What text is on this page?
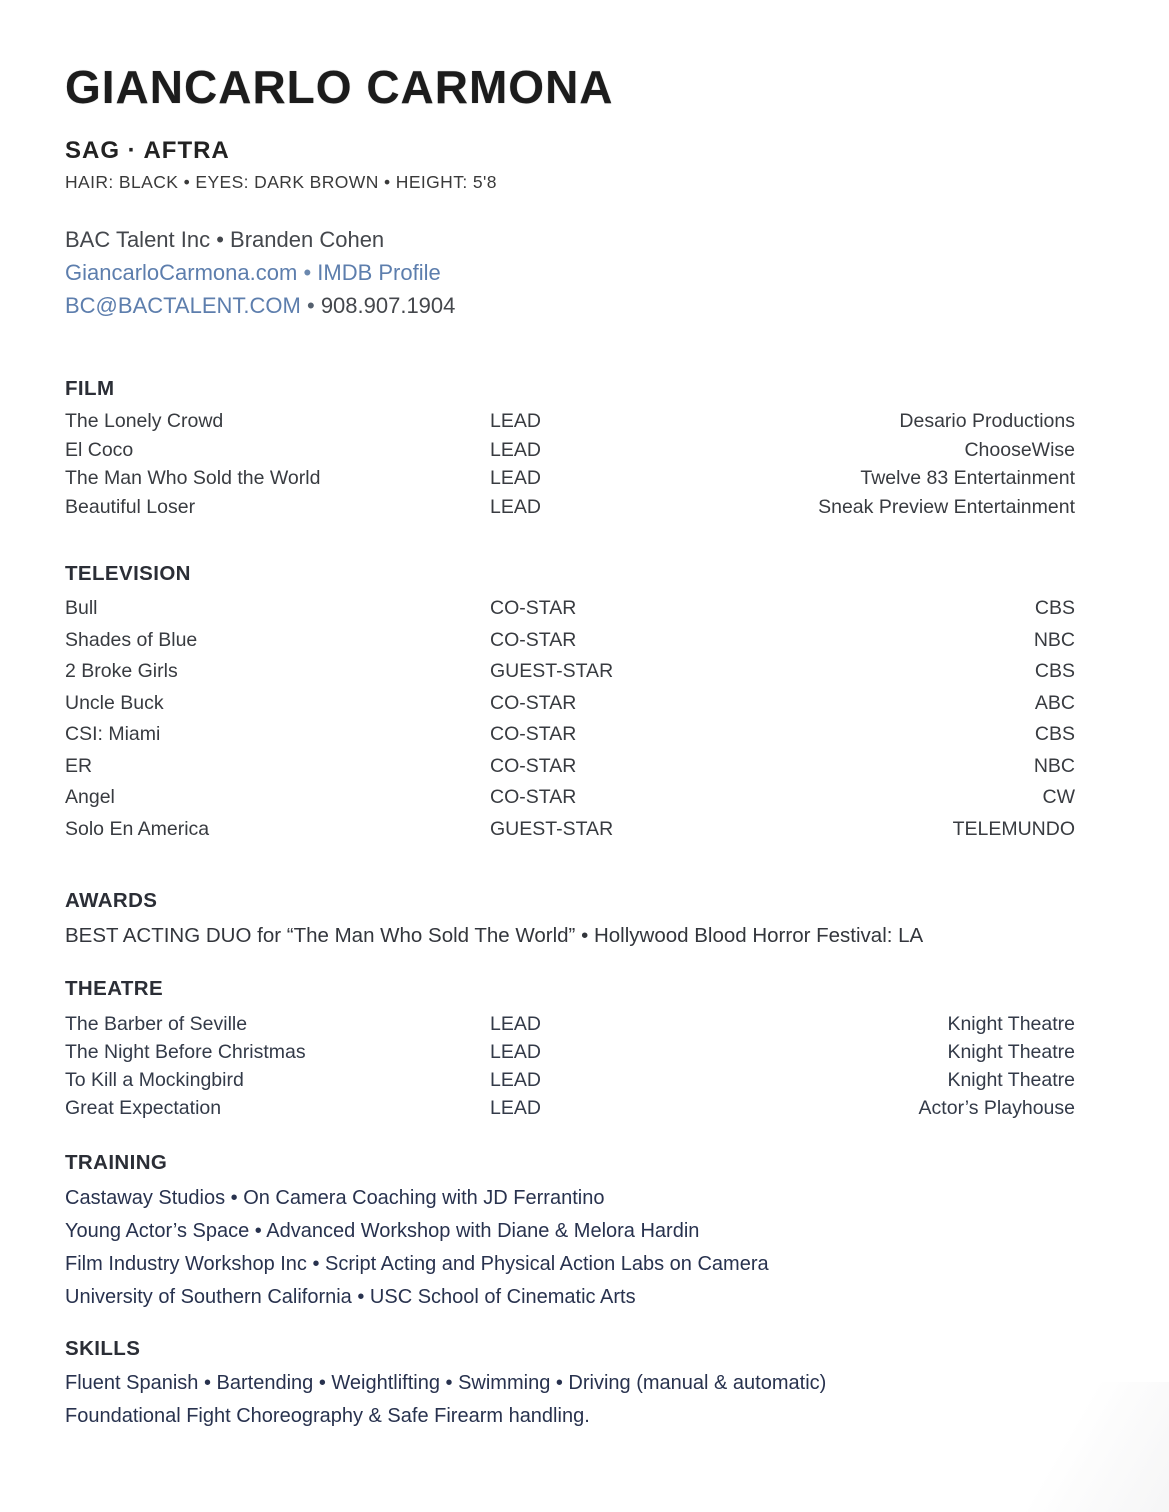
GIANCARLO CARMONA
SAG · AFTRA
HAIR: BLACK • EYES: DARK BROWN • HEIGHT: 5'8
BAC Talent Inc • Branden Cohen
GiancarloCarmona.com • IMDB Profile
BC@BACTALENT.COM • 908.907.1904
FILM
The Lonely Crowd	LEAD	Desario Productions
El Coco	LEAD	ChooseWise
The Man Who Sold the World	LEAD	Twelve 83 Entertainment
Beautiful Loser	LEAD	Sneak Preview Entertainment
TELEVISION
Bull	CO-STAR	CBS
Shades of Blue	CO-STAR	NBC
2 Broke Girls	GUEST-STAR	CBS
Uncle Buck	CO-STAR	ABC
CSI: Miami	CO-STAR	CBS
ER	CO-STAR	NBC
Angel	CO-STAR	CW
Solo En America	GUEST-STAR	TELEMUNDO
AWARDS
BEST ACTING DUO for “The Man Who Sold The World” • Hollywood Blood Horror Festival: LA
THEATRE
The Barber of Seville	LEAD	Knight Theatre
The Night Before Christmas	LEAD	Knight Theatre
To Kill a Mockingbird	LEAD	Knight Theatre
Great Expectation	LEAD	Actor’s Playhouse
TRAINING
Castaway Studios • On Camera Coaching with JD Ferrantino
Young Actor’s Space • Advanced Workshop with Diane & Melora Hardin
Film Industry Workshop Inc • Script Acting and Physical Action Labs on Camera
University of Southern California • USC School of Cinematic Arts
SKILLS
Fluent Spanish • Bartending • Weightlifting • Swimming • Driving (manual & automatic)
Foundational Fight Choreography & Safe Firearm handling.
